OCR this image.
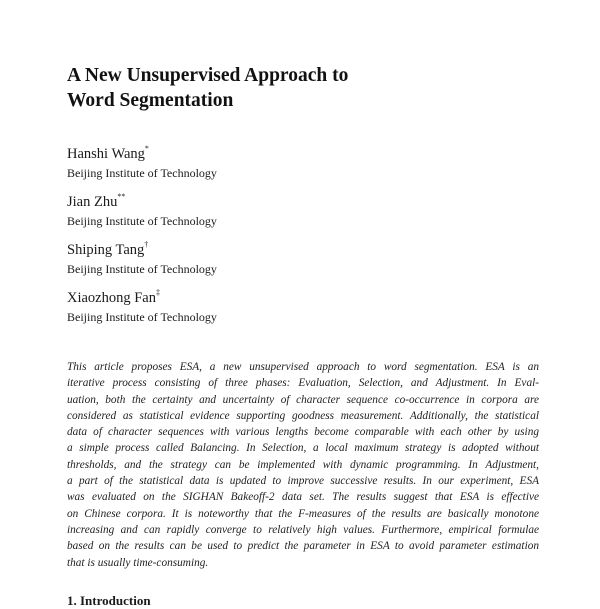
A New Unsupervised Approach to
Word Segmentation
Hanshi Wang*
Beijing Institute of Technology
Jian Zhu**
Beijing Institute of Technology
Shiping Tang†
Beijing Institute of Technology
Xiaozhong Fan‡
Beijing Institute of Technology
This article proposes ESA, a new unsupervised approach to word segmentation. ESA is an
iterative process consisting of three phases: Evaluation, Selection, and Adjustment. In Eval-
uation, both the certainty and uncertainty of character sequence co-occurrence in corpora are
considered as statistical evidence supporting goodness measurement. Additionally, the statistical
data of character sequences with various lengths become comparable with each other by using
a simple process called Balancing. In Selection, a local maximum strategy is adopted without
thresholds, and the strategy can be implemented with dynamic programming. In Adjustment,
a part of the statistical data is updated to improve successive results. In our experiment, ESA
was evaluated on the SIGHAN Bakeoff-2 data set. The results suggest that ESA is effective
on Chinese corpora. It is noteworthy that the F-measures of the results are basically monotone
increasing and can rapidly converge to relatively high values. Furthermore, empirical formulae
based on the results can be used to predict the parameter in ESA to avoid parameter estimation
that is usually time-consuming.
1. Introduction
